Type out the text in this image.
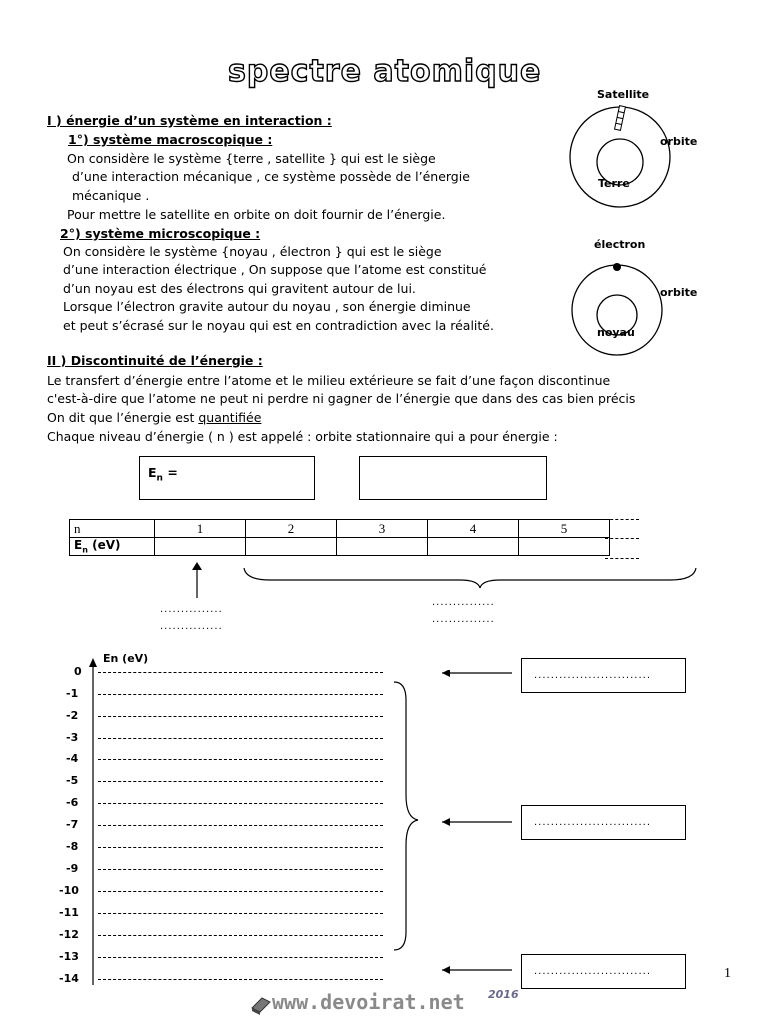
spectre atomique
I ) énergie d’un système en interaction :
1°) système macroscopique :
On considère le système {terre , satellite } qui est le siège
d’une interaction mécanique , ce système possède de l’énergie
mécanique .
Pour mettre le satellite en orbite on doit fournir de l’énergie.
2°) système microscopique :
On considère le système {noyau , électron } qui est le siège
d’une interaction électrique , On suppose que l’atome est constitué
d’un noyau est des électrons qui gravitent autour de lui.
Lorsque l’électron gravite autour du noyau , son énergie diminue
et peut s’écrasé sur le noyau qui est en contradiction avec la réalité.
Satellite
orbite
Terre
électron
orbite
noyau
II ) Discontinuité de l’énergie :
Le transfert d’énergie entre l’atome et le milieu extérieure se fait d’une façon discontinue
c'est-à-dire que l’atome ne peut ni perdre ni gagner de l’énergie que dans des cas bien précis
On dit que l’énergie est quantifiée
Chaque niveau d’énergie ( n ) est appelé : orbite stationnaire qui a pour énergie :
$E_n$ =
n	1	2	3	4	5
$E_n$ (eV)					
...............
...............
...............
...............
En (eV)
0
-1
-2
-3
-4
-5
-6
-7
-8
-9
-10
-11
-12
-13
-14
............................
............................
............................	1
www.devoirat.net 2016
